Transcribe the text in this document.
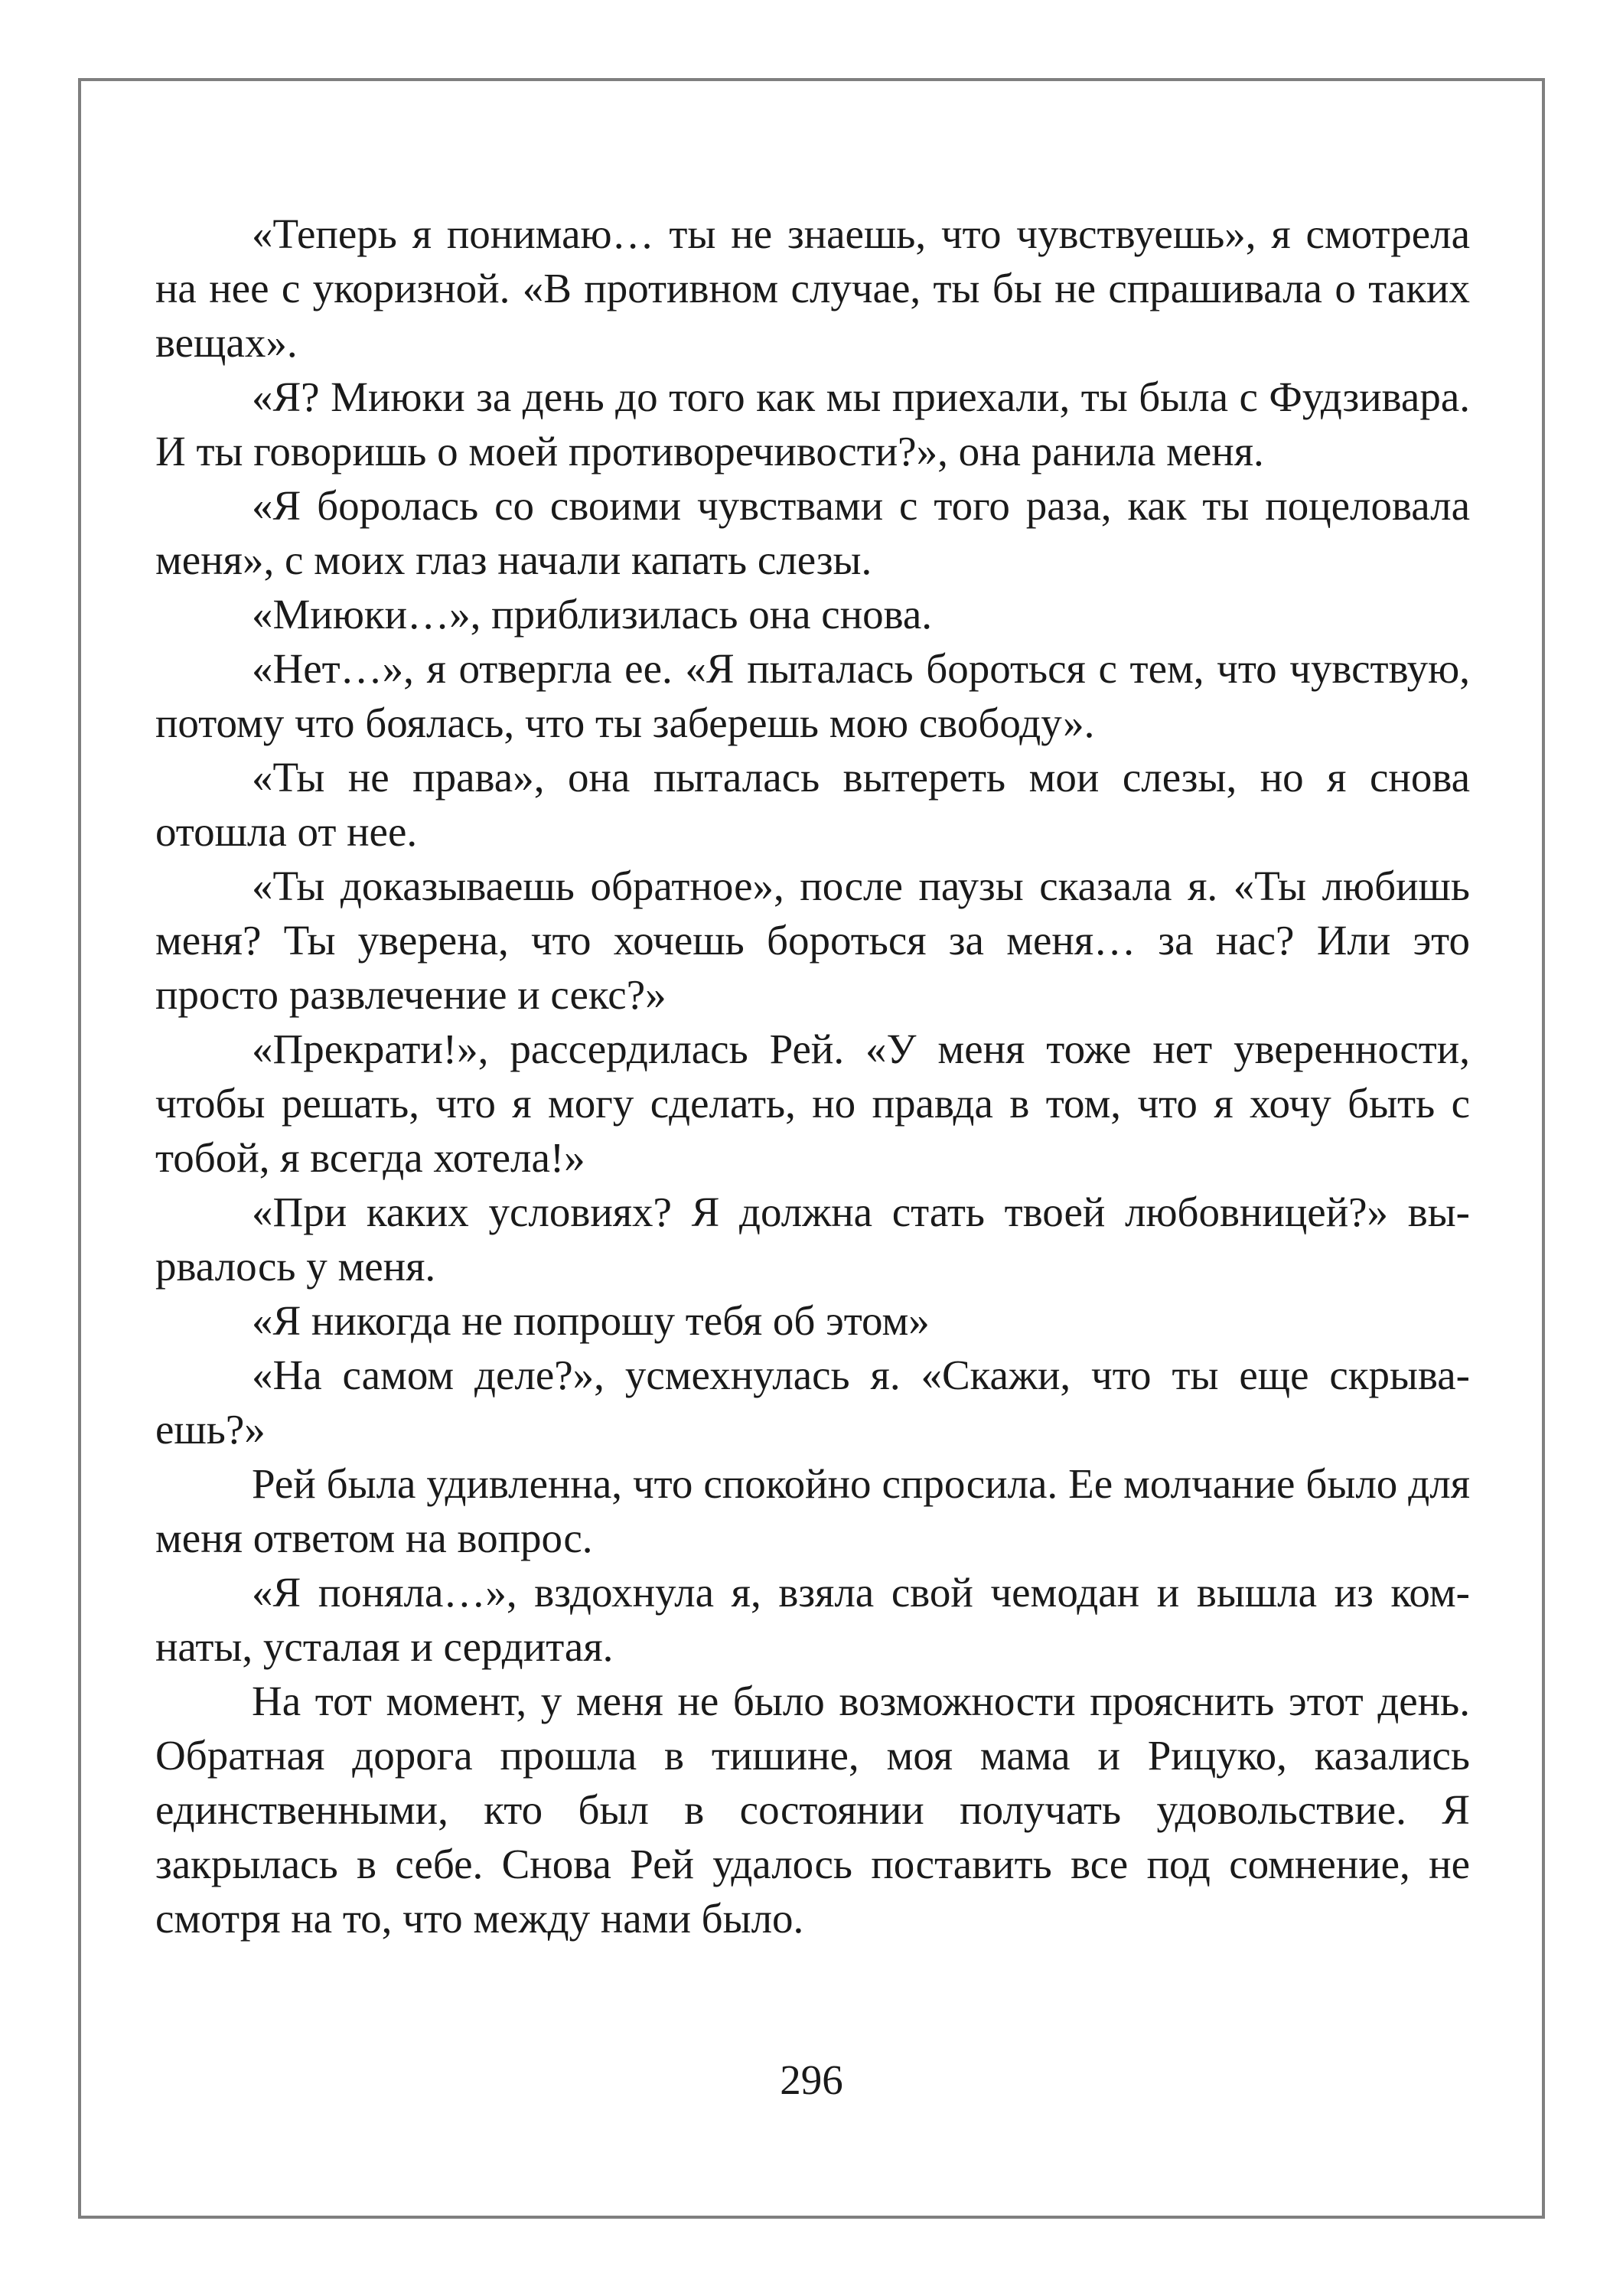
«Теперь я понимаю… ты не знаешь, что чувствуешь», я смотрела на нее с укоризной. «В противном случае, ты бы не спрашивала о таких вещах».

«Я? Миюки за день до того как мы приехали, ты была с Фудзивара. И ты говоришь о моей противоречивости?», она ранила меня.

«Я боролась со своими чувствами с того раза, как ты поцеловала меня», с моих глаз начали капать слезы.

«Миюки…», приблизилась она снова.

«Нет…», я отвергла ее. «Я пыталась бороться с тем, что чувствую, потому что боялась, что ты заберешь мою свободу».

«Ты не права», она пыталась вытереть мои слезы, но я снова отошла от нее.

«Ты доказываешь обратное», после паузы сказала я. «Ты любишь меня? Ты уверена, что хочешь бороться за меня… за нас? Или это просто развлечение и секс?»

«Прекрати!», рассердилась Рей. «У меня тоже нет уверенности, чтобы решать, что я могу сделать, но правда в том, что я хочу быть с тобой, я всегда хотела!»

«При каких условиях? Я должна стать твоей любовницей?» вырвалось у меня.

«Я никогда не попрошу тебя об этом»

«На самом деле?», усмехнулась я. «Скажи, что ты еще скрываешь?»

Рей была удивленна, что спокойно спросила. Ее молчание было для меня ответом на вопрос.

«Я поняла…», вздохнула я, взяла свой чемодан и вышла из комнаты, усталая и сердитая.

На тот момент, у меня не было возможности прояснить этот день. Обратная дорога прошла в тишине, моя мама и Рицуко, казались единственными, кто был в состоянии получать удовольствие. Я закрылась в себе. Снова Рей удалось поставить все под сомнение, не смотря на то, что между нами было.

296
